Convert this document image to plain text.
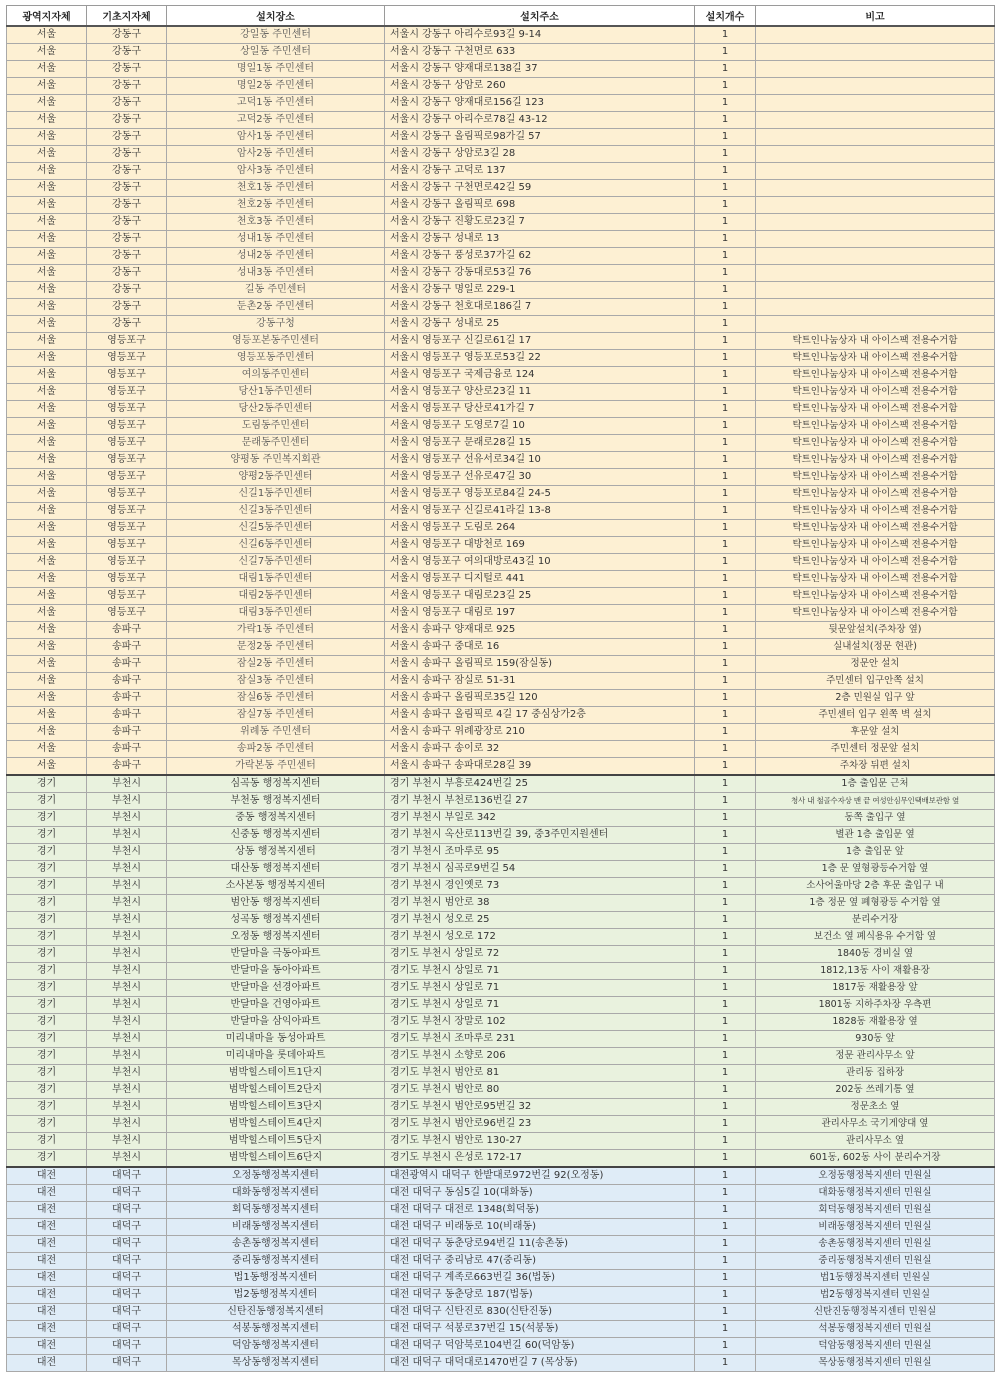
광역지자체	기초지자체	설치장소	설치주소	설치개수	비고
서울	강동구	강일동 주민센터	서울시 강동구 아리수로93길 9-14	1	
서울	강동구	상일동 주민센터	서울시 강동구 구천면로 633	1	
서울	강동구	명일1동 주민센터	서울시 강동구 양재대로138길 37	1	
서울	강동구	명일2동 주민센터	서울시 강동구 상암로 260	1	
서울	강동구	고덕1동 주민센터	서울시 강동구 양재대로156길 123	1	
서울	강동구	고덕2동 주민센터	서울시 강동구 아리수로78길 43-12	1	
서울	강동구	암사1동 주민센터	서울시 강동구 올림픽로98가길 57	1	
서울	강동구	암사2동 주민센터	서울시 강동구 상암로3길 28	1	
서울	강동구	암사3동 주민센터	서울시 강동구 고덕로 137	1	
서울	강동구	천호1동 주민센터	서울시 강동구 구천면로42길 59	1	
서울	강동구	천호2동 주민센터	서울시 강동구 올림픽로 698	1	
서울	강동구	천호3동 주민센터	서울시 강동구 진황도로23길 7	1	
서울	강동구	성내1동 주민센터	서울시 강동구 성내로 13	1	
서울	강동구	성내2동 주민센터	서울시 강동구 풍성로37가길 62	1	
서울	강동구	성내3동 주민센터	서울시 강동구 강동대로53길 76	1	
서울	강동구	길동 주민센터	서울시 강동구 명일로 229-1	1	
서울	강동구	둔촌2동 주민센터	서울시 강동구 천호대로186길 7	1	
서울	강동구	강동구청	서울시 강동구 성내로 25	1	
서울	영등포구	영등포본동주민센터	서울시 영등포구 신길로61길 17	1	탁트인나눔상자 내 아이스팩 전용수거함
서울	영등포구	영등포동주민센터	서울시 영등포구 영등포로53길 22	1	탁트인나눔상자 내 아이스팩 전용수거함
서울	영등포구	여의동주민센터	서울시 영등포구 국제금융로 124	1	탁트인나눔상자 내 아이스팩 전용수거함
서울	영등포구	당산1동주민센터	서울시 영등포구 양산로23길 11	1	탁트인나눔상자 내 아이스팩 전용수거함
서울	영등포구	당산2동주민센터	서울시 영등포구 당산로41가길 7	1	탁트인나눔상자 내 아이스팩 전용수거함
서울	영등포구	도림동주민센터	서울시 영등포구 도영로7길 10	1	탁트인나눔상자 내 아이스팩 전용수거함
서울	영등포구	문래동주민센터	서울시 영등포구 문래로28길 15	1	탁트인나눔상자 내 아이스팩 전용수거함
서울	영등포구	양평동 주민복지회관	서울시 영등포구 선유서로34길 10	1	탁트인나눔상자 내 아이스팩 전용수거함
서울	영등포구	양평2동주민센터	서울시 영등포구 선유로47길 30	1	탁트인나눔상자 내 아이스팩 전용수거함
서울	영등포구	신길1동주민센터	서울시 영등포구 영등포로84길 24-5	1	탁트인나눔상자 내 아이스팩 전용수거함
서울	영등포구	신길3동주민센터	서울시 영등포구 신길로41라길 13-8	1	탁트인나눔상자 내 아이스팩 전용수거함
서울	영등포구	신길5동주민센터	서울시 영등포구 도림로 264	1	탁트인나눔상자 내 아이스팩 전용수거함
서울	영등포구	신길6동주민센터	서울시 영등포구 대방천로 169	1	탁트인나눔상자 내 아이스팩 전용수거함
서울	영등포구	신길7동주민센터	서울시 영등포구 여의대방로43길 10	1	탁트인나눔상자 내 아이스팩 전용수거함
서울	영등포구	대림1동주민센터	서울시 영등포구 디지털로 441	1	탁트인나눔상자 내 아이스팩 전용수거함
서울	영등포구	대림2동주민센터	서울시 영등포구 대림로23길 25	1	탁트인나눔상자 내 아이스팩 전용수거함
서울	영등포구	대림3동주민센터	서울시 영등포구 대림로 197	1	탁트인나눔상자 내 아이스팩 전용수거함
서울	송파구	가락1동 주민센터	서울시 송파구 양재대로 925	1	뒷문앞설치(주차장 옆)
서울	송파구	문정2동 주민센터	서울시 송파구 중대로 16	1	실내설치(정문 현관)
서울	송파구	잠실2동 주민센터	서울시 송파구 올림픽로 159(잠실동)	1	정문안 설치
서울	송파구	잠실3동 주민센터	서울시 송파구 잠실로 51-31	1	주민센터 입구안쪽 설치
서울	송파구	잠실6동 주민센터	서울시 송파구 올림픽로35길 120	1	2층 민원실 입구 앞
서울	송파구	잠실7동 주민센터	서울시 송파구 올림픽로 4길 17 중심상가2층	1	주민센터 입구 왼쪽 벽 설치
서울	송파구	위례동 주민센터	서울시 송파구 위례광장로 210	1	후문앞 설치
서울	송파구	송파2동 주민센터	서울시 송파구 송이로 32	1	주민센터 정문앞 설치
서울	송파구	가락본동 주민센터	서울시 송파구 송파대로28길 39	1	주차장 뒤편 설치
경기	부천시	심곡동 행정복지센터	경기 부천시 부흥로424번길 25	1	1층 출입문 근처
경기	부천시	부천동 행정복지센터	경기 부천시 부천로136번길 27	1	청사 내 철골수자상 맨 끝 여성안심무인택배보관함 옆
경기	부천시	중동 행정복지센터	경기 부천시 부일로 342	1	동쪽 출입구 옆
경기	부천시	신중동 행정복지센터	경기 부천시 옥산로113번길 39, 중3주민지원센터	1	별관 1층 출입문 옆
경기	부천시	상동 행정복지센터	경기 부천시 조마루로 95	1	1층 출입문 앞
경기	부천시	대산동 행정복지센터	경기 부천시 심곡로9번길 54	1	1층 문 옆형광등수거함 옆
경기	부천시	소사본동 행정복지센터	경기 부천시 경인옛로 73	1	소사어울마당 2층 후문 출입구 내
경기	부천시	범안동 행정복지센터	경기 부천시 범안로 38	1	1층 정문 옆 폐형광등 수거함 옆
경기	부천시	성곡동 행정복지센터	경기 부천시 성오로 25	1	분리수거장
경기	부천시	오정동 행정복지센터	경기 부천시 성오로 172	1	보건소 옆 폐식용유 수거함 옆
경기	부천시	반달마을 극동아파트	경기도 부천시 상일로 72	1	1840동 경비실 옆
경기	부천시	반달마을 동아아파트	경기도 부천시 상일로 71	1	1812,13동 사이 재활용장
경기	부천시	반달마을 선경아파트	경기도 부천시 상일로 71	1	1817동 재활용장 앞
경기	부천시	반달마을 건영아파트	경기도 부천시 상일로 71	1	1801동 지하주차장 우측편
경기	부천시	반달마을 삼익아파트	경기도 부천시 장말로 102	1	1828동 재활용장 옆
경기	부천시	미리내마을 동성아파트	경기도 부천시 조마루로 231	1	930동 앞
경기	부천시	미리내마을 롯데아파트	경기도 부천시 소향로 206	1	정문 관리사무소 앞
경기	부천시	범박힐스테이트1단지	경기도 부천시 범안로 81	1	관리동 집하장
경기	부천시	범박힐스테이트2단지	경기도 부천시 범안로 80	1	202동 쓰레기통 옆
경기	부천시	범박힐스테이트3단지	경기도 부천시 범안로95번길 32	1	정문초소 옆
경기	부천시	범박힐스테이트4단지	경기도 부천시 범안로96번길 23	1	관리사무소 국기게양대 옆
경기	부천시	범박힐스테이트5단지	경기도 부천시 범안로 130-27	1	관리사무소 옆
경기	부천시	범박힐스테이트6단지	경기도 부천시 은성로 172-17	1	601동, 602동 사이 분리수거장
대전	대덕구	오정동행정복지센터	대전광역시 대덕구 한밭대로972번길 92(오정동)	1	오정동행정복지센터 민원실
대전	대덕구	대화동행정복지센터	대전 대덕구 동심5길 10(대화동)	1	대화동행정복지센터 민원실
대전	대덕구	회덕동행정복지센터	대전 대덕구 대전로 1348(회덕동)	1	회덕동행정복지센터 민원실
대전	대덕구	비래동행정복지센터	대전 대덕구 비래동로 10(비래동)	1	비래동행정복지센터 민원실
대전	대덕구	송촌동행정복지센터	대전 대덕구 동춘당로94번길 11(송촌동)	1	송촌동행정복지센터 민원실
대전	대덕구	중리동행정복지센터	대전 대덕구 중리남로 47(중리동)	1	중리동행정복지센터 민원실
대전	대덕구	법1동행정복지센터	대전 대덕구 계족로663번길 36(법동)	1	법1동행정복지센터 민원실
대전	대덕구	법2동행정복지센터	대전 대덕구 동춘당로 187(법동)	1	법2동행정복지센터 민원실
대전	대덕구	신탄진동행정복지센터	대전 대덕구 신탄진로 830(신탄진동)	1	신탄진동행정복지센터 민원실
대전	대덕구	석봉동행정복지센터	대전 대덕구 석봉로37번길 15(석봉동)	1	석봉동행정복지센터 민원실
대전	대덕구	덕암동행정복지센터	대전 대덕구 덕암북로104번길 60(덕암동)	1	덕암동행정복지센터 민원실
대전	대덕구	목상동행정복지센터	대전 대덕구 대덕대로1470번길 7 (목상동)	1	목상동행정복지센터 민원실
